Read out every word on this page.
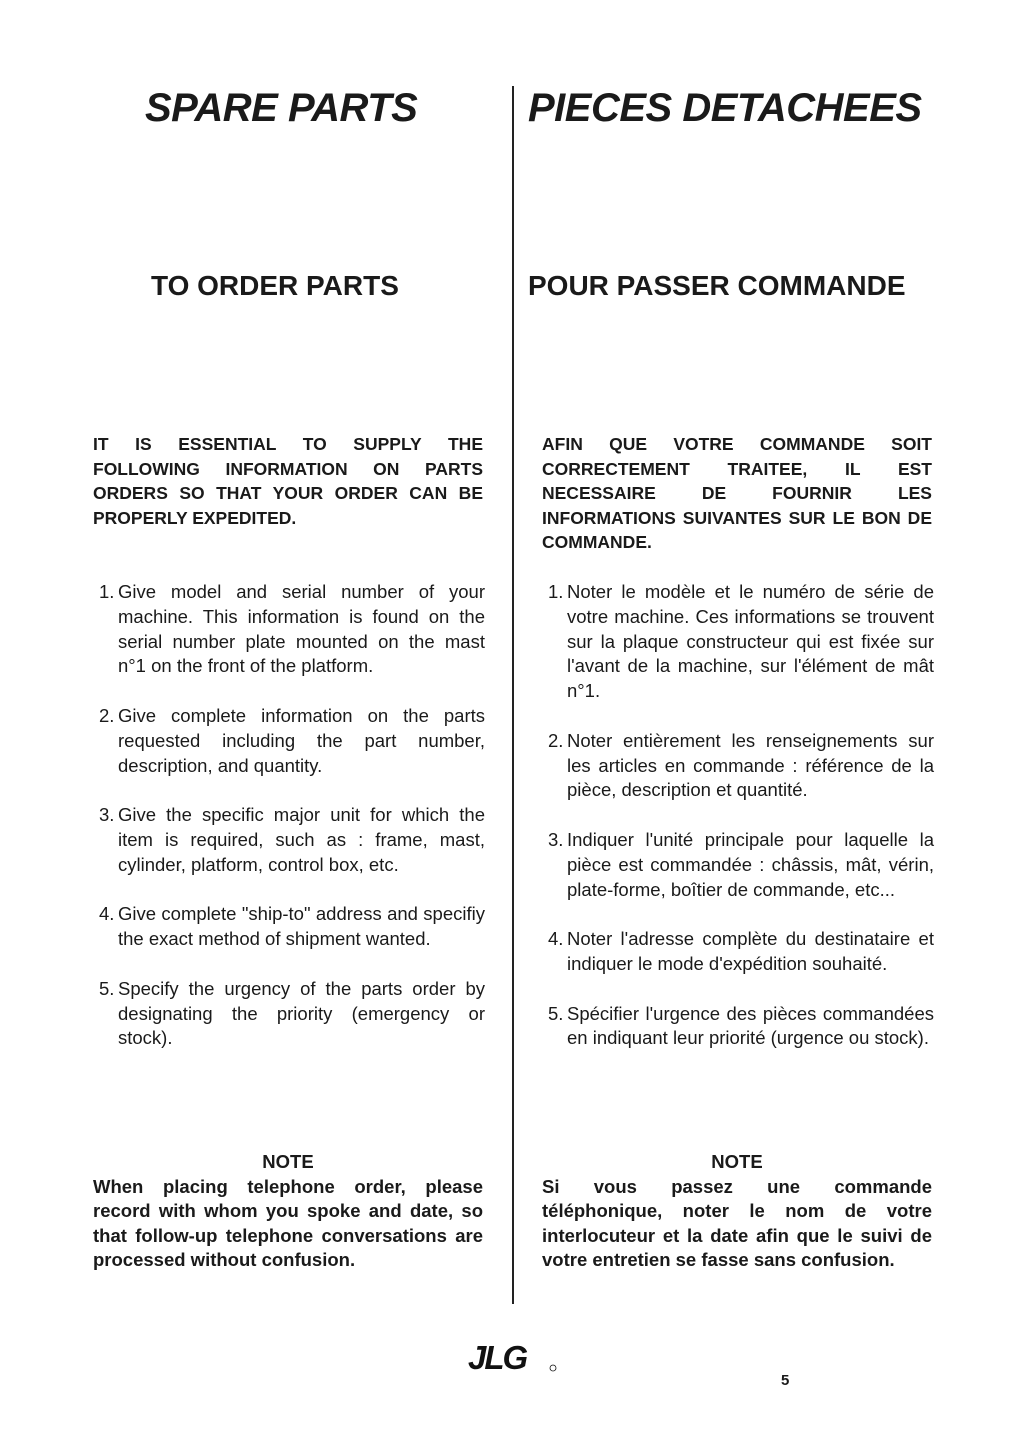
SPARE PARTS
TO ORDER PARTS

IT IS ESSENTIAL TO SUPPLY THE FOLLOWING INFORMATION ON PARTS ORDERS SO THAT YOUR ORDER CAN BE PROPERLY EXPEDITED.

1. Give model and serial number of your machine. This information is found on the serial number plate mounted on the mast n°1 on the front of the platform.
2. Give complete information on the parts requested including the part number, description, and quantity.
3. Give the specific major unit for which the item is required, such as : frame, mast, cylinder, platform, control box, etc.
4. Give complete "ship-to" address and specifiy the exact method of shipment wanted.
5. Specify the urgency of the parts order by designating the priority (emergency or stock).

NOTE

When placing telephone order, please record with whom you spoke and date, so that follow-up telephone conversations are processed without confusion.

PIECES DETACHEES
POUR PASSER COMMANDE

AFIN QUE VOTRE COMMANDE SOIT CORRECTEMENT TRAITEE, IL EST NECESSAIRE DE FOURNIR LES INFORMATIONS SUIVANTES SUR LE BON DE COMMANDE.

1. Noter le modèle et le numéro de série de votre machine. Ces informations se trouvent sur la plaque constructeur qui est fixée sur l'avant de la machine, sur l'élément de mât n°1.
2. Noter entièrement les renseignements sur les articles en commande : référence de la pièce, description et quantité.
3. Indiquer l'unité principale pour laquelle la pièce est commandée : châssis, mât, vérin, plate-forme, boîtier de commande, etc...
4. Noter l'adresse complète du destinataire et indiquer le mode d'expédition souhaité.
5. Spécifier l'urgence des pièces commandées en indiquant leur priorité (urgence ou stock).

NOTE

Si vous passez une commande téléphonique, noter le nom de votre interlocuteur et la date afin que le suivi de votre entretien se fasse sans confusion.

JLG
5
